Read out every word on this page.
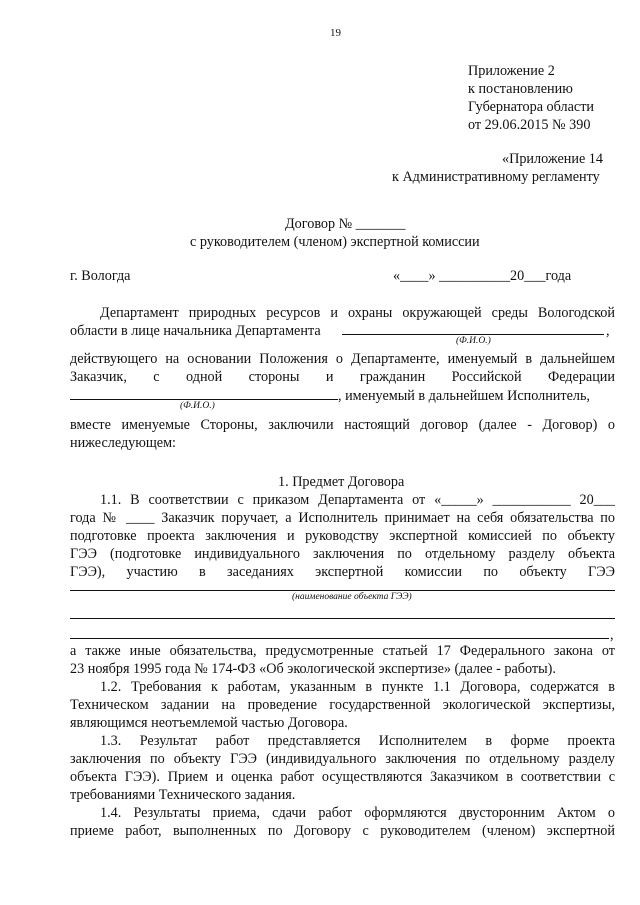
19
Приложение 2
к постановлению
Губернатора области
от 29.06.2015 № 390
«Приложение 14
к Административному регламенту
Договор № _______
с руководителем (членом) экспертной комиссии
г. Вологда	«____» __________20___года
Департамент природных ресурсов и охраны окружающей среды Вологодской
области в лице начальника Департамента	,
(Ф.И.О.)
действующего на основании Положения о Департаменте, именуемый в дальнейшем
Заказчик, с одной стороны и гражданин Российской Федерации
, именуемый в дальнейшем Исполнитель,
(Ф.И.О.)
вместе именуемые Стороны, заключили настоящий договор (далее - Договор) о
нижеследующем:
1. Предмет Договора
1.1. В соответствии с приказом Департамента от «_____» ___________ 20___
года № ____ Заказчик поручает, а Исполнитель принимает на себя обязательства по
подготовке проекта заключения и руководству экспертной комиссией по объекту
ГЭЭ (подготовке индивидуального заключения по отдельному разделу объекта
ГЭЭ), участию в заседаниях экспертной комиссии по объекту ГЭЭ
(наименование объекта ГЭЭ)
,
а также иные обязательства, предусмотренные статьей 17 Федерального закона от
23 ноября 1995 года № 174-ФЗ «Об экологической экспертизе» (далее - работы).
1.2. Требования к работам, указанным в пункте 1.1 Договора, содержатся в
Техническом задании на проведение государственной экологической экспертизы,
являющимся неотъемлемой частью Договора.
1.3. Результат работ представляется Исполнителем в форме проекта
заключения по объекту ГЭЭ (индивидуального заключения по отдельному разделу
объекта ГЭЭ). Прием и оценка работ осуществляются Заказчиком в соответствии с
требованиями Технического задания.
1.4. Результаты приема, сдачи работ оформляются двусторонним Актом о
приеме работ, выполненных по Договору с руководителем (членом) экспертной
